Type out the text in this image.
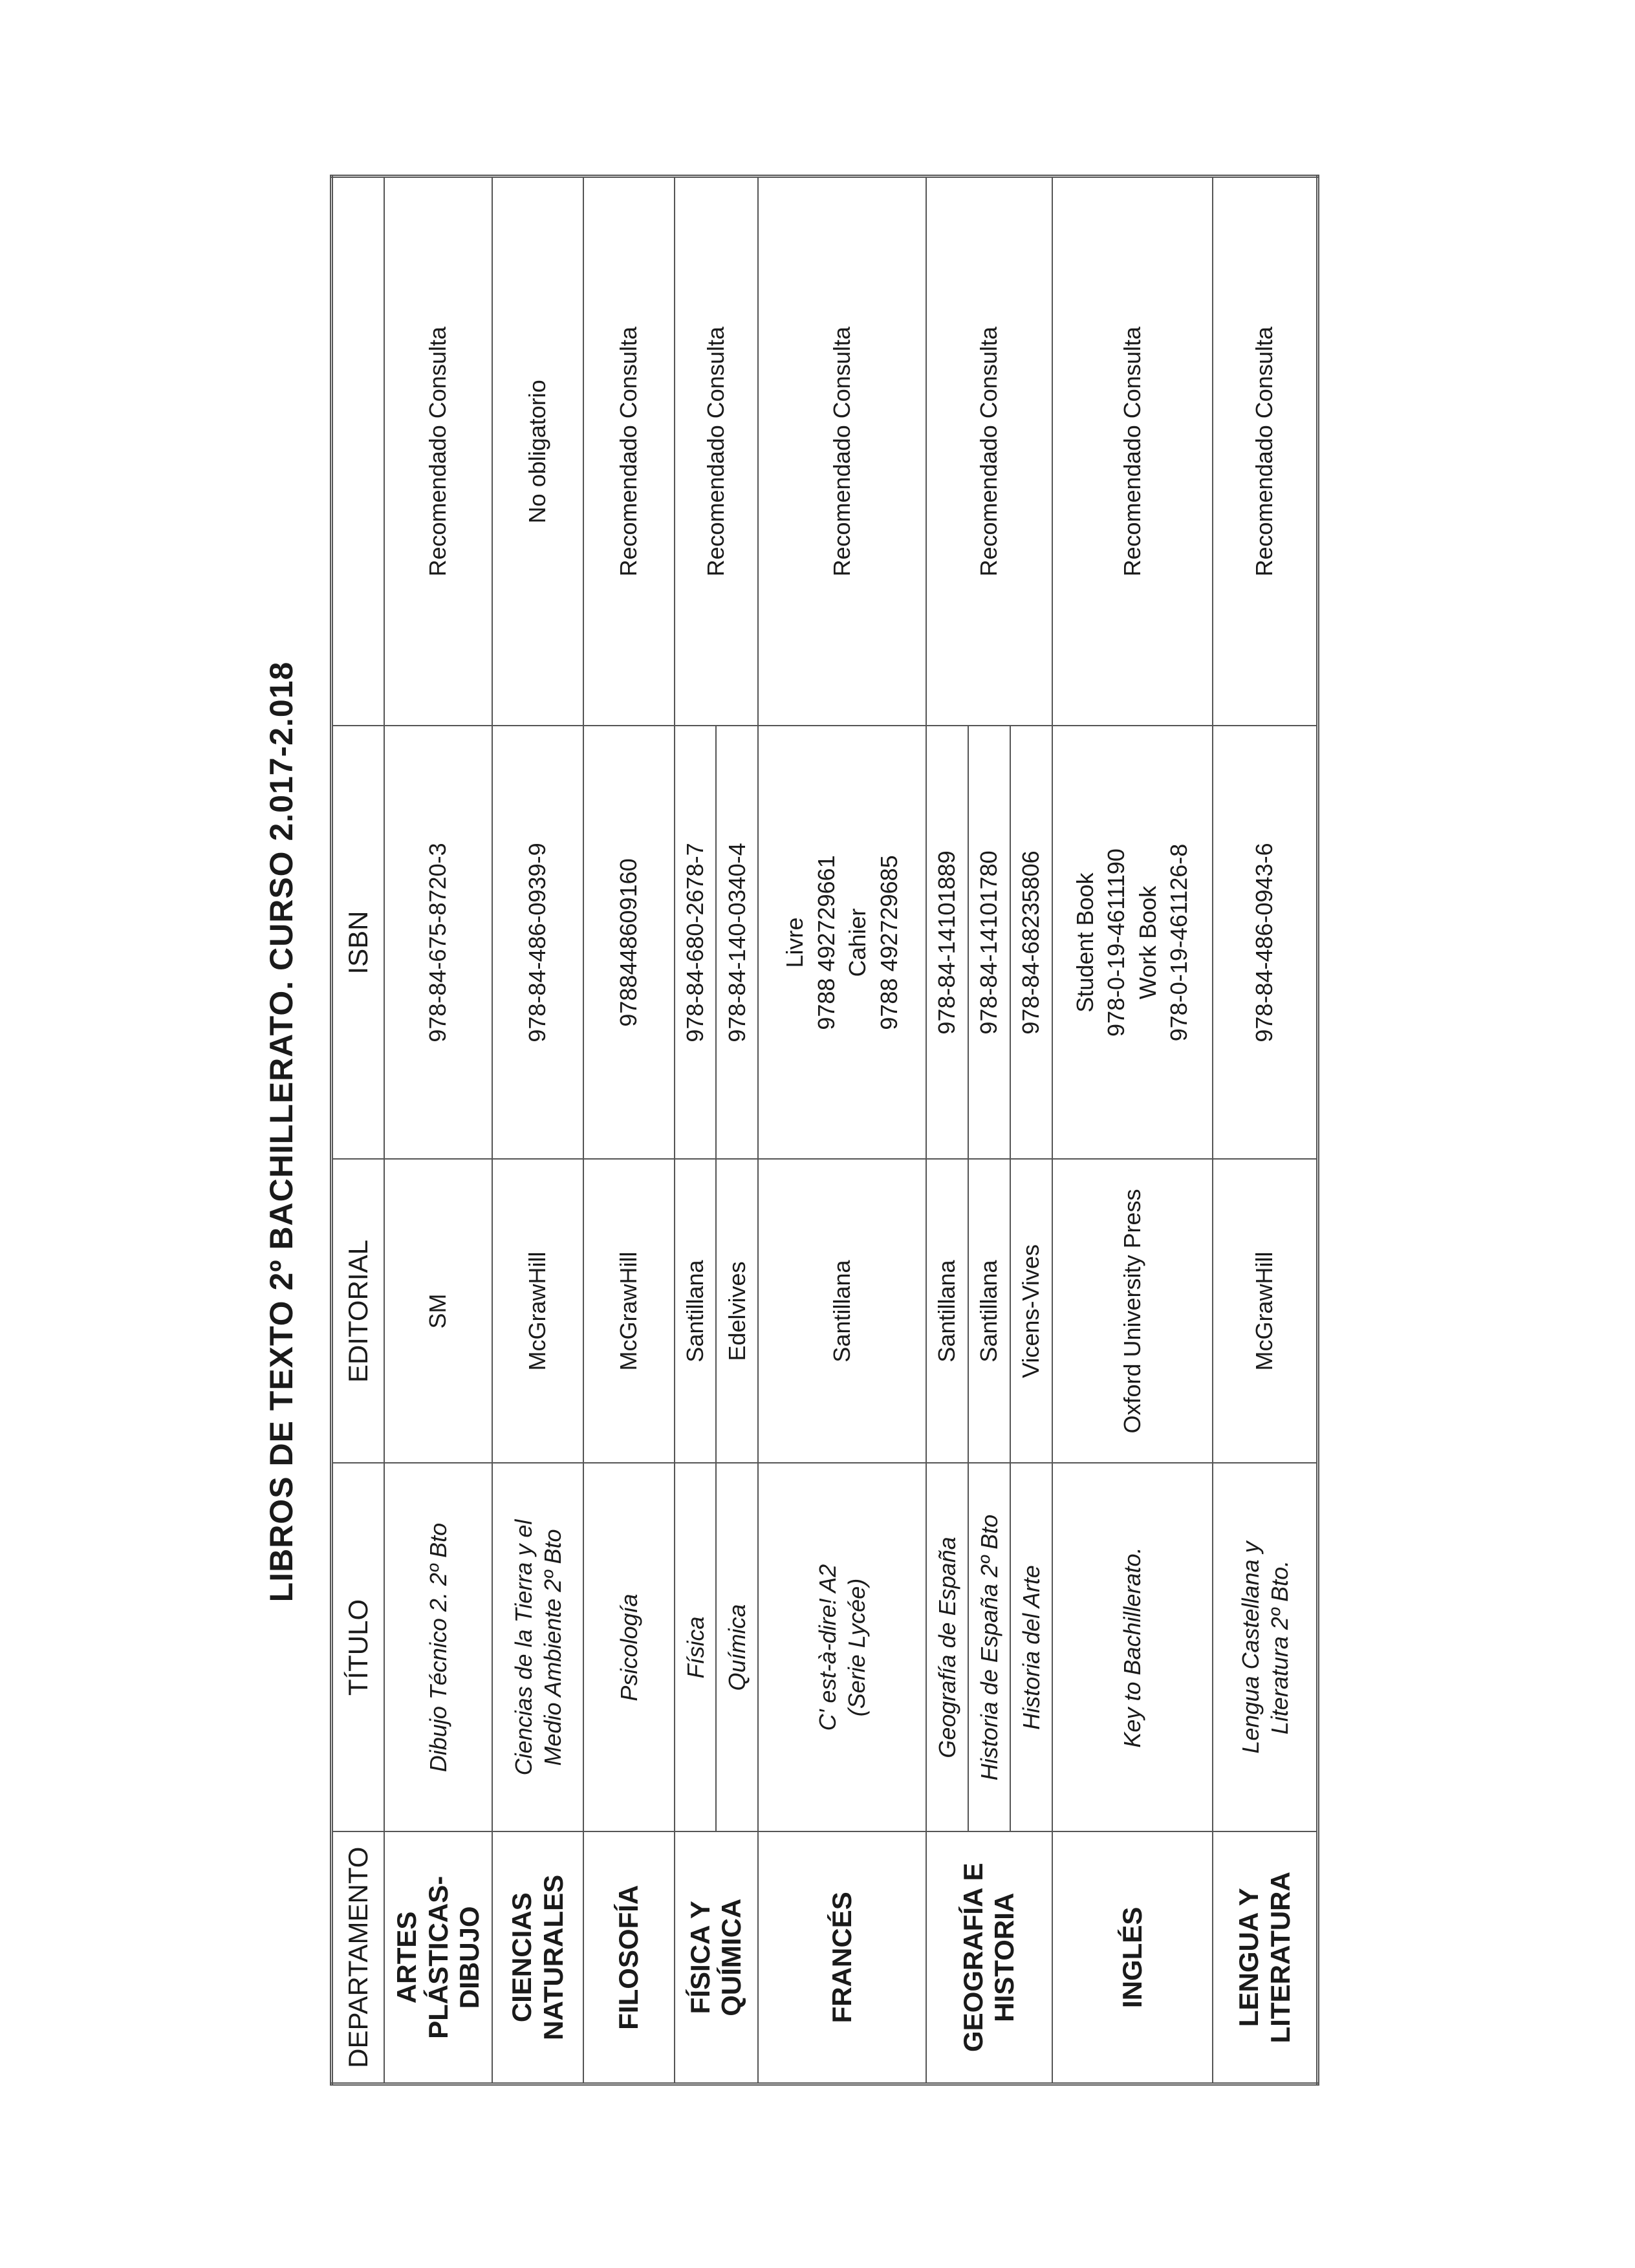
LIBROS DE TEXTO 2º BACHILLERATO. CURSO 2.017-2.018
DEPARTAMENTO	TÍTULO	EDITORIAL	ISBN	

ARTES PLÁSTICAS- DIBUJO	Dibujo Técnico 2. 2º Bto	SM	978-84-675-8720-3	Recomendado Consulta
CIENCIAS NATURALES	Ciencias de la Tierra y el Medio Ambiente 2º Bto	McGrawHill	978-84-486-0939-9	No obligatorio
FILOSOFÍA	Psicología	McGrawHill	9788448609160	Recomendado Consulta
FÍSICA Y QUÍMICA	Física	Santillana	978-84-680-2678-7	Recomendado Consulta
	Química	Edelvives	978-84-140-0340-4	
FRANCÉS	C' est-à-dire! A2 (Serie Lycée)	Santillana	Livre 9788 492729661 Cahier 9788 492729685	Recomendado Consulta

GEOGRAFÍA E HISTORIA	Geografía de España	Santillana	978-84-14101889	Recomendado Consulta
	Historia de España 2º Bto	Santillana	978-84-14101780	
	Historia del Arte	Vicens-Vives	978-84-68235806	
INGLÉS	Key to Bachillerato.	Oxford University Press	Student Book 978-0-19-4611190 Work Book 978-0-19-461126-8	Recomendado Consulta

LENGUA Y LITERATURA	Lengua Castellana y Literatura 2º Bto.	McGrawHill	978-84-486-0943-6	Recomendado Consulta
